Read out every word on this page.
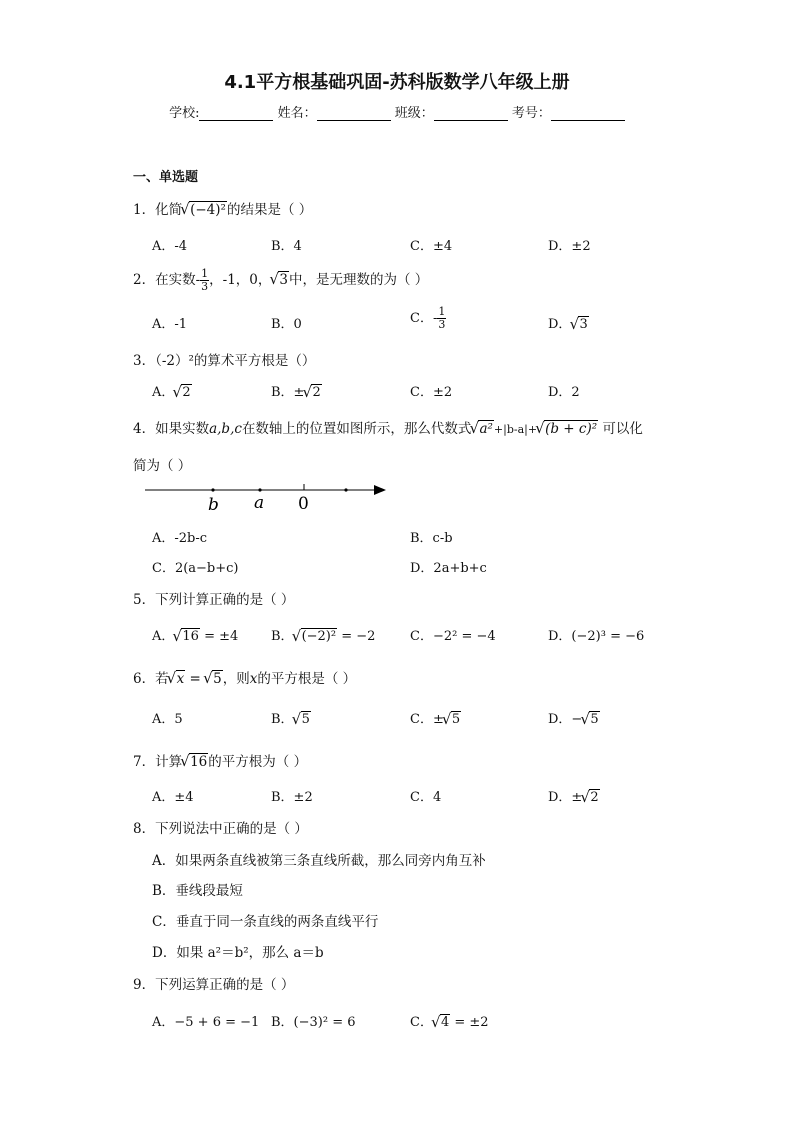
4.1平方根基础巩固-苏科版数学八年级上册
学校:	姓名：	班级：	考号：
一、单选题
1．化简 √ (−4)²的结果是（ ）
A．-4	B．4	C．±4	D．±2
2．在实数- $\frac{1}{3}$ ，-1，0， √ 3中，是无理数的为（ ）
A．-1	B．0	C．- $\frac{1}{3}$	D． √ 3
3．（-2）²的算术平方根是（）
A． √ 2	B．± √ 2	C．±2	D．2
4．如果实数a,b,c在数轴上的位置如图所示，那么代数式 √ a²+|b-a|+ √ (b + c)² 可以化
简为（ ）
b a 0
A．-2b-c	B．c-b
C．2(a−b+c)	D．2a+b+c
5．下列计算正确的是（ ）
A． √ 16 = ±4	B． √ (−2)² = −2	C．−2² = −4	D．(−2)³ = −6
6．若 √ x = √ 5，则x的平方根是（ ）
A．5	B． √ 5	C．± √ 5	D．− √ 5
7．计算 √ 16的平方根为（ ）
A．±4	B．±2	C．4	D．± √ 2
8．下列说法中正确的是（ ）
A．如果两条直线被第三条直线所截，那么同旁内角互补
B．垂线段最短
C．垂直于同一条直线的两条直线平行
D．如果 a²＝b²，那么 a＝b
9．下列运算正确的是（ ）
A．−5 + 6 = −1 B．(−3)² = 6	C． √ 4 = ±2
